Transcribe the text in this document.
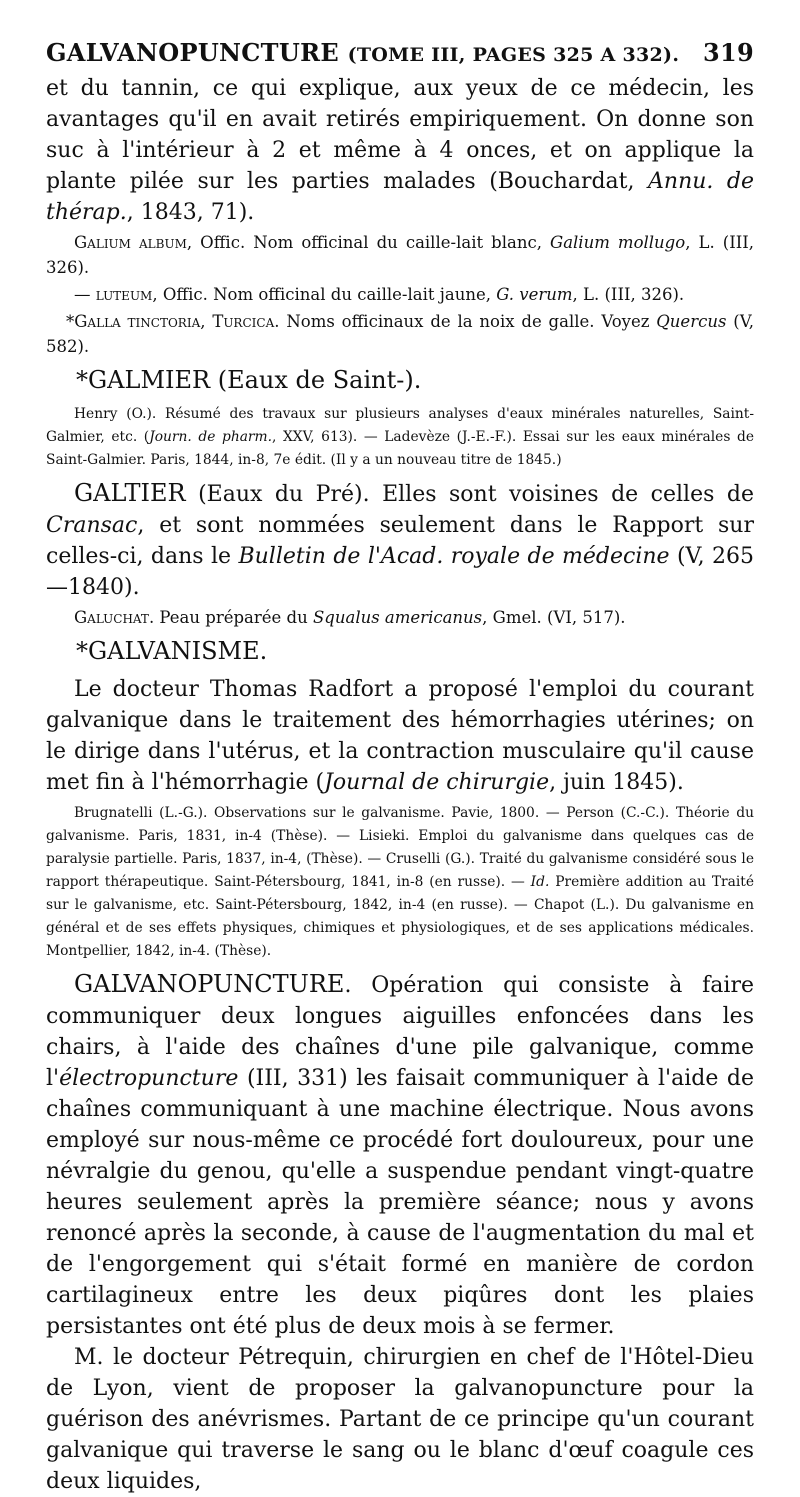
GALVANOPUNCTURE (TOME III, PAGES 325 A 332). 319

et du tannin, ce qui explique, aux yeux de ce médecin, les avantages qu'il en avait retirés empiriquement. On donne son suc à l'intérieur à 2 et même à 4 onces, et on applique la plante pilée sur les parties malades (Bouchardat, Annu. de thérap., 1843, 71).

Galium album, Offic. Nom officinal du caille-lait blanc, Galium mollugo, L. (III, 326).

— luteum, Offic. Nom officinal du caille-lait jaune, G. verum, L. (III, 326).

*Galla tinctoria, Turcica. Noms officinaux de la noix de galle. Voyez Quercus (V, 582).

*GALMIER (Eaux de Saint-).

Henry (O.). Résumé des travaux sur plusieurs analyses d'eaux minérales naturelles, Saint-Galmier, etc. (Journ. de pharm., XXV, 613). — Ladevèze (J.-E.-F.). Essai sur les eaux minérales de Saint-Galmier. Paris, 1844, in-8, 7e édit. (Il y a un nouveau titre de 1845.)

GALTIER (Eaux du Pré). Elles sont voisines de celles de Cransac, et sont nommées seulement dans le Rapport sur celles-ci, dans le Bulletin de l'Acad. royale de médecine (V, 265—1840).

Galuchat. Peau préparée du Squalus americanus, Gmel. (VI, 517).

*GALVANISME.

Le docteur Thomas Radfort a proposé l'emploi du courant galvanique dans le traitement des hémorrhagies utérines; on le dirige dans l'utérus, et la contraction musculaire qu'il cause met fin à l'hémorrhagie (Journal de chirurgie, juin 1845).

Brugnatelli (L.-G.). Observations sur le galvanisme. Pavie, 1800. — Person (C.-C.). Théorie du galvanisme. Paris, 1831, in-4 (Thèse). — Lisieki. Emploi du galvanisme dans quelques cas de paralysie partielle. Paris, 1837, in-4, (Thèse). — Cruselli (G.). Traité du galvanisme considéré sous le rapport thérapeutique. Saint-Pétersbourg, 1841, in-8 (en russe). — Id. Première addition au Traité sur le galvanisme, etc. Saint-Pétersbourg, 1842, in-4 (en russe). — Chapot (L.). Du galvanisme en général et de ses effets physiques, chimiques et physiologiques, et de ses applications médicales. Montpellier, 1842, in-4. (Thèse).

GALVANOPUNCTURE. Opération qui consiste à faire communiquer deux longues aiguilles enfoncées dans les chairs, à l'aide des chaînes d'une pile galvanique, comme l'électropuncture (III, 331) les faisait communiquer à l'aide de chaînes communiquant à une machine électrique. Nous avons employé sur nous-même ce procédé fort douloureux, pour une névralgie du genou, qu'elle a suspendue pendant vingt-quatre heures seulement après la première séance; nous y avons renoncé après la seconde, à cause de l'augmentation du mal et de l'engorgement qui s'était formé en manière de cordon cartilagineux entre les deux piqûres dont les plaies persistantes ont été plus de deux mois à se fermer.

M. le docteur Pétrequin, chirurgien en chef de l'Hôtel-Dieu de Lyon, vient de proposer la galvanopuncture pour la guérison des anévrismes. Partant de ce principe qu'un courant galvanique qui traverse le sang ou le blanc d'œuf coagule ces deux liquides,
